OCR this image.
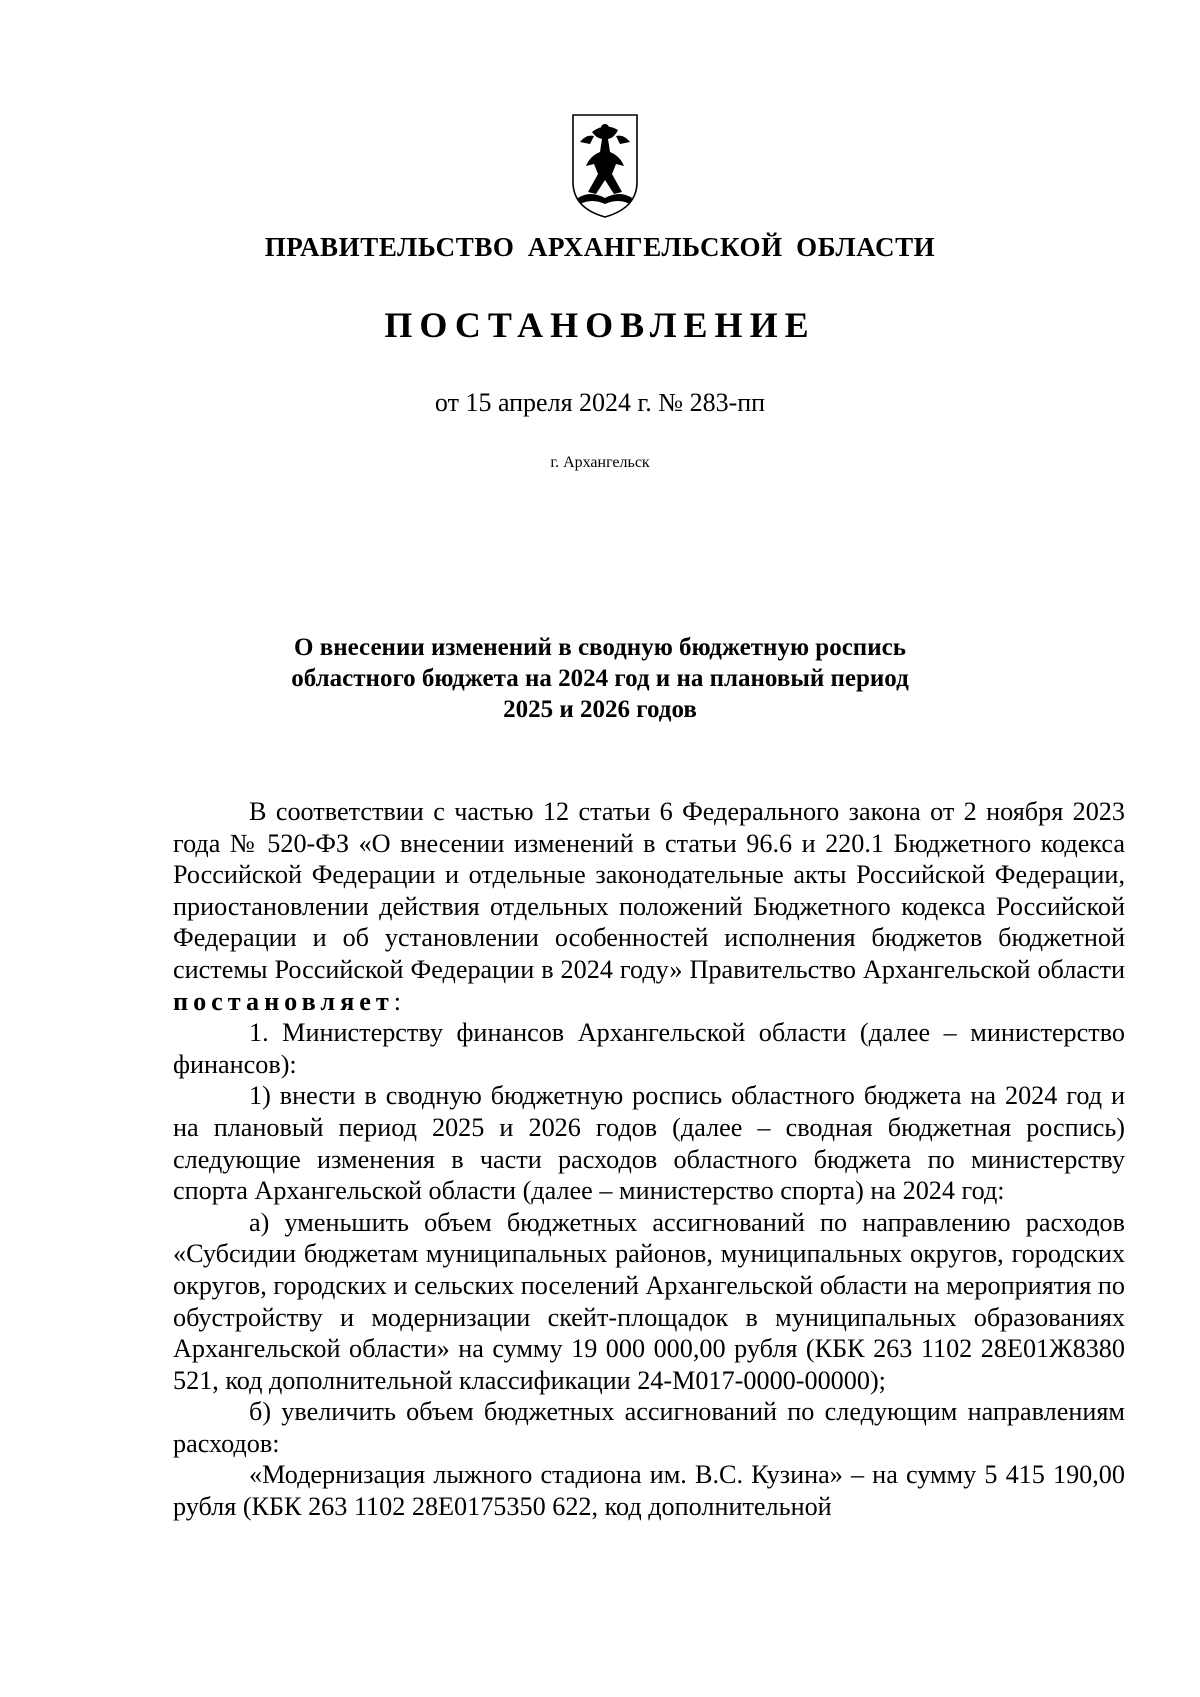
ПРАВИТЕЛЬСТВО АРХАНГЕЛЬСКОЙ ОБЛАСТИ
ПОСТАНОВЛЕНИЕ
от 15 апреля 2024 г. № 283-пп
г. Архангельск
О внесении изменений в сводную бюджетную роспись
областного бюджета на 2024 год и на плановый период
2025 и 2026 годов

В соответствии с частью 12 статьи 6 Федерального закона от 2 ноября 2023 года № 520-ФЗ «О внесении изменений в статьи 96.6 и 220.1 Бюджетного кодекса Российской Федерации и отдельные законодательные акты Российской Федерации, приостановлении действия отдельных положений Бюджетного кодекса Российской Федерации и об установлении особенностей исполнения бюджетов бюджетной системы Российской Федерации в 2024 году» Правительство Архангельской области постановляет:

1. Министерству финансов Архангельской области (далее – министерство финансов):

1) внести в сводную бюджетную роспись областного бюджета на 2024 год и на плановый период 2025 и 2026 годов (далее – сводная бюджетная роспись) следующие изменения в части расходов областного бюджета по министерству спорта Архангельской области (далее – министерство спорта) на 2024 год:

а) уменьшить объем бюджетных ассигнований по направлению расходов «Субсидии бюджетам муниципальных районов, муниципальных округов, городских округов, городских и сельских поселений Архангельской области на мероприятия по обустройству и модернизации скейт-площадок в муниципальных образованиях Архангельской области» на сумму 19 000 000,00 рубля (КБК 263 1102 28Е01Ж8380 521, код дополнительной классификации 24-М017-0000-00000);

б) увеличить объем бюджетных ассигнований по следующим направлениям расходов:

«Модернизация лыжного стадиона им. В.С. Кузина» – на сумму 5 415 190,00 рубля (КБК 263 1102 28Е0175350 622, код дополнительной
